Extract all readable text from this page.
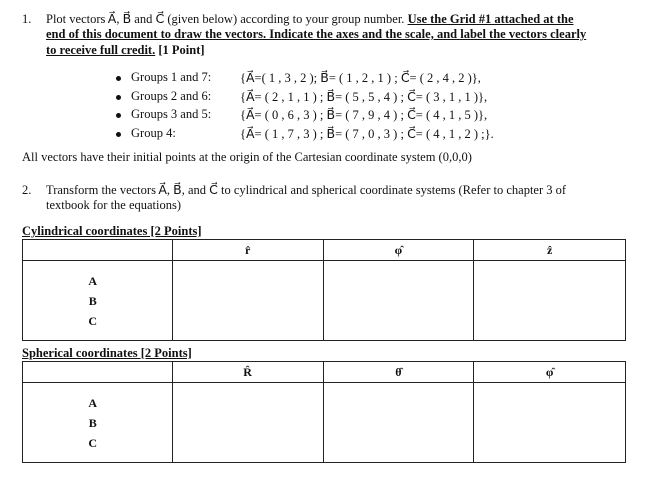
1. Plot vectors A⃗, B⃗ and C⃗ (given below) according to your group number. Use the Grid #1 attached at the
end of this document to draw the vectors. Indicate the axes and the scale, and label the vectors clearly
to receive full credit. [1 Point]
Groups 1 and 7: {A⃗=( 1 , 3 , 2 ); B⃗= ( 1 , 2 , 1 ) ; C⃗= ( 2 , 4 , 2 )},
Groups 2 and 6: {A⃗= ( 2 , 1 , 1 ) ; B⃗= ( 5 , 5 , 4 ) ; C⃗= ( 3 , 1 , 1 )},
Groups 3 and 5: {A⃗= ( 0 , 6 , 3 ) ; B⃗= ( 7 , 9 , 4 ) ; C⃗= ( 4 , 1 , 5 )},
Group 4:	{A⃗= ( 1 , 7 , 3 ) ; B⃗= ( 7 , 0 , 3 ) ; C⃗= ( 4 , 1 , 2 ) ;}.
All vectors have their initial points at the origin of the Cartesian coordinate system (0,0,0)
2. Transform the vectors A⃗, B⃗, and C⃗ to cylindrical and spherical coordinate systems (Refer to chapter 3 of
textbook for the equations)
Cylindrical coordinates [2 Points]
	r̂	φ̂	ẑ

A⃗
B⃗
C⃗			

Spherical coordinates [2 Points]
	R̂	θ̂	φ̂

A⃗
B⃗
C⃗			
